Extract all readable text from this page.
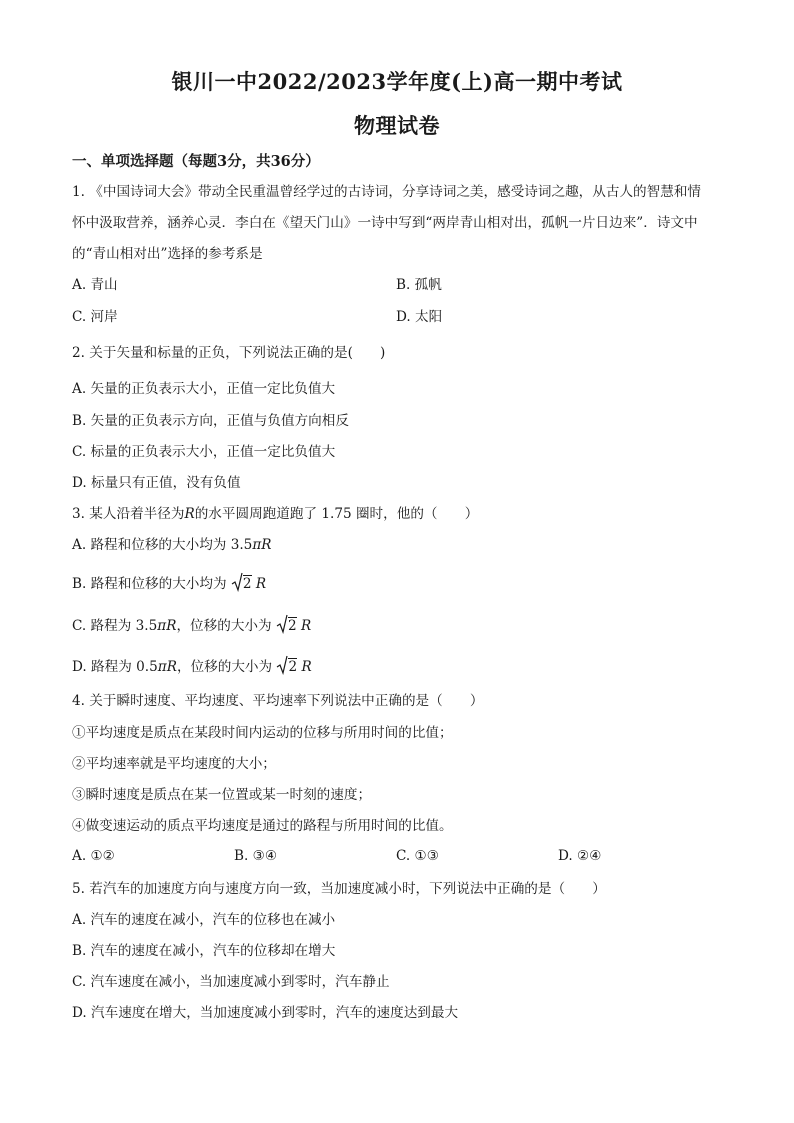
银川一中2022/2023学年度(上)高一期中考试
物理试卷
一、单项选择题（每题3分，共36分）
1. 《中国诗词大会》带动全民重温曾经学过的古诗词，分享诗词之美，感受诗词之趣，从古人的智慧和情
怀中汲取营养，涵养心灵．李白在《望天门山》一诗中写到“两岸青山相对出，孤帆一片日边来”．诗文中
的“青山相对出”选择的参考系是
A. 青山	B. 孤帆
C. 河岸	D. 太阳
2. 关于矢量和标量的正负，下列说法正确的是(　　)
A. 矢量的正负表示大小，正值一定比负值大
B. 矢量的正负表示方向，正值与负值方向相反
C. 标量的正负表示大小，正值一定比负值大
D. 标量只有正值，没有负值
3. 某人沿着半径为R的水平圆周跑道跑了 1.75 圈时，他的（　　）
A. 路程和位移的大小均为 3.5πR
B. 路程和位移的大小均为 2 R
C. 路程为 3.5πR，位移的大小为 2 R
D. 路程为 0.5πR，位移的大小为 2 R
4. 关于瞬时速度、平均速度、平均速率下列说法中正确的是（　　）
①平均速度是质点在某段时间内运动的位移与所用时间的比值；
②平均速率就是平均速度的大小；
③瞬时速度是质点在某一位置或某一时刻的速度；
④做变速运动的质点平均速度是通过的路程与所用时间的比值。
A. ①②	B. ③④	C. ①③	D. ②④
5. 若汽车的加速度方向与速度方向一致，当加速度减小时，下列说法中正确的是（　　）
A. 汽车的速度在减小，汽车的位移也在减小
B. 汽车的速度在减小，汽车的位移却在增大
C. 汽车速度在减小，当加速度减小到零时，汽车静止
D. 汽车速度在增大，当加速度减小到零时，汽车的速度达到最大
